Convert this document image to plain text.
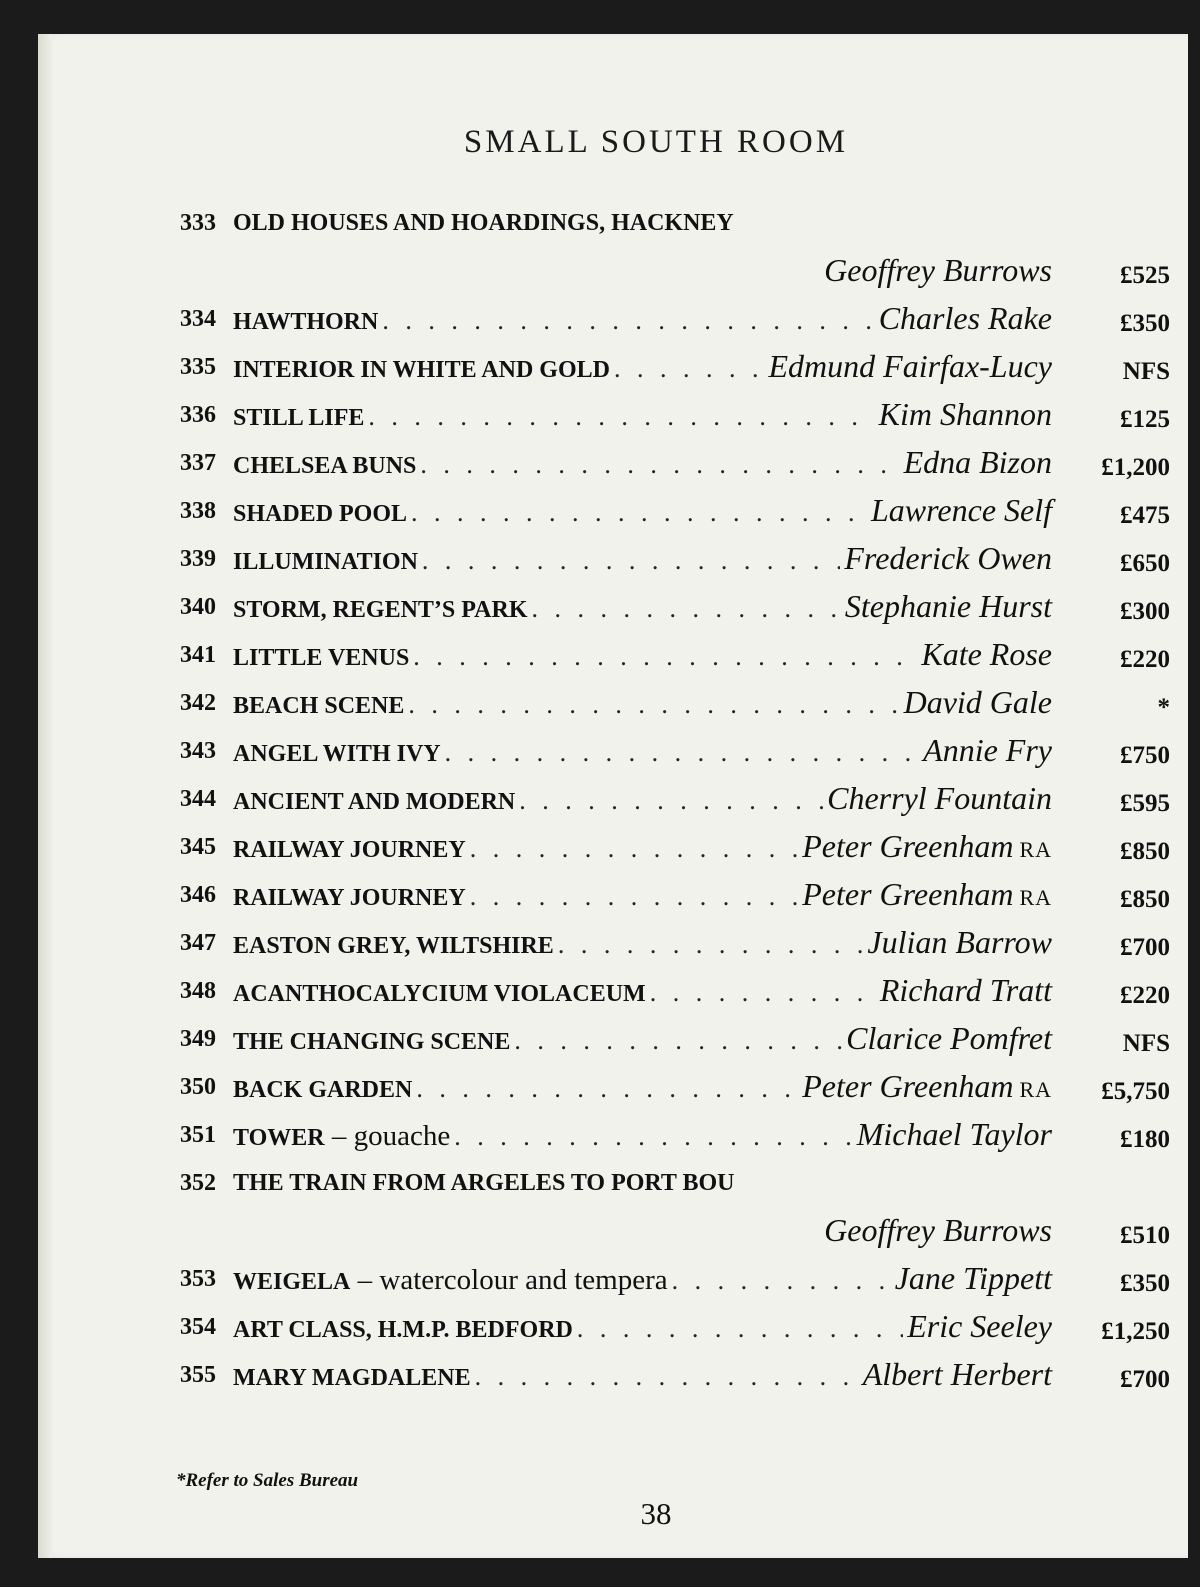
SMALL SOUTH ROOM
333 OLD HOUSES AND HOARDINGS, HACKNEY
Geoffrey Burrows	£525
334 HAWTHORN . . .	Charles Rake	£350
335 INTERIOR IN WHITE AND GOLD . . .	Edmund Fairfax-Lucy	NFS
336 STILL LIFE . . .	Kim Shannon	£125
337 CHELSEA BUNS . . .	Edna Bizon	£1,200
338 SHADED POOL . . .	Lawrence Self	£475
339 ILLUMINATION . . .	Frederick Owen	£650
340 STORM, REGENT’S PARK . . .	Stephanie Hurst	£300
341 LITTLE VENUS . . .	Kate Rose	£220
342 BEACH SCENE . . .	David Gale	*
343 ANGEL WITH IVY . . .	Annie Fry	£750
344 ANCIENT AND MODERN . . .	Cherryl Fountain	£595
345 RAILWAY JOURNEY . . .	Peter Greenham RA	£850
346 RAILWAY JOURNEY . . .	Peter Greenham RA	£850
347 EASTON GREY, WILTSHIRE . . .	Julian Barrow	£700
348 ACANTHOCALYCIUM VIOLACEUM . . .	Richard Tratt	£220
349 THE CHANGING SCENE . . .	Clarice Pomfret	NFS
350 BACK GARDEN . . .	Peter Greenham RA	£5,750
351 TOWER – gouache . . .	Michael Taylor	£180
352 THE TRAIN FROM ARGELES TO PORT BOU
Geoffrey Burrows	£510
353 WEIGELA – watercolour and tempera . . .	Jane Tippett	£350
354 ART CLASS, H.M.P. BEDFORD . . .	Eric Seeley	£1,250
355 MARY MAGDALENE . . .	Albert Herbert	£700
*Refer to Sales Bureau
38
